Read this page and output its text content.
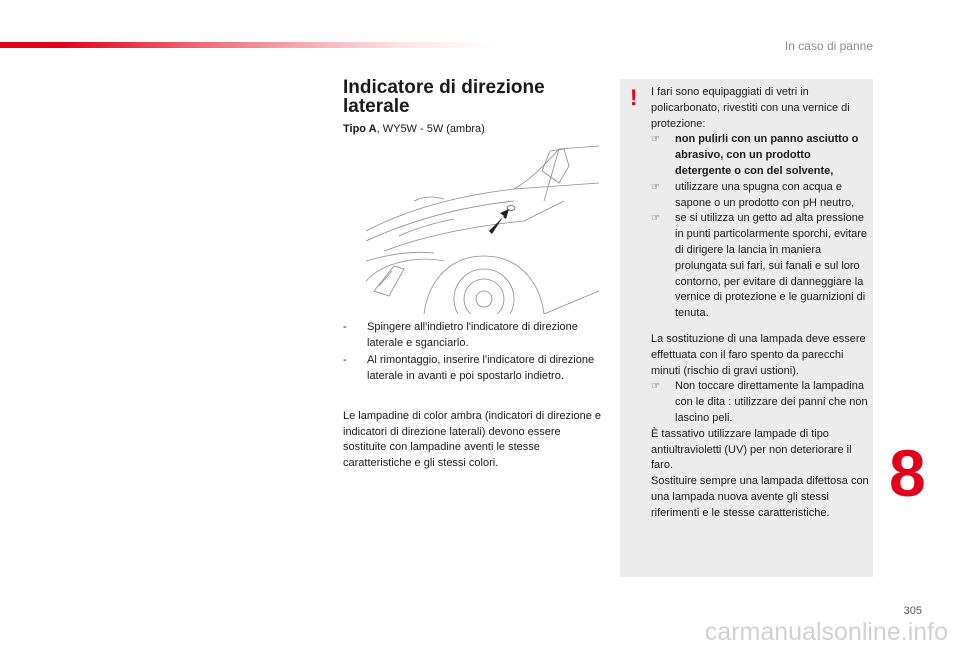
In caso di panne
Indicatore di direzione laterale
Tipo A, WY5W - 5W (ambra)
- Spingere all'indietro l'indicatore di direzione laterale e sganciarlo.
- Al rimontaggio, inserire l'indicatore di direzione laterale in avanti e poi spostarlo indietro.
Le lampadine di color ambra (indicatori di direzione e indicatori di direzione laterali) devono essere sostituite con lampadine aventi le stesse caratteristiche e gli stessi colori.
! I fari sono equipaggiati di vetri in policarbonato, rivestiti con una vernice di protezione:

☞ non pulirli con un panno asciutto o abrasivo, con un prodotto detergente o con del solvente,
☞ utilizzare una spugna con acqua e sapone o un prodotto con pH neutro,
☞ se si utilizza un getto ad alta pressione in punti particolarmente sporchi, evitare di dirigere la lancia in maniera prolungata sui fari, sui fanali e sul loro contorno, per evitare di danneggiare la vernice di protezione e le guarnizioni di tenuta.

La sostituzione di una lampada deve essere effettuata con il faro spento da parecchi minuti (rischio di gravi ustioni).

☞ Non toccare direttamente la lampadina con le dita : utilizzare dei panni che non lascino peli.

È tassativo utilizzare lampade di tipo antiultravioletti (UV) per non deteriorare il faro.

Sostituire sempre una lampada difettosa con una lampada nuova avente gli stessi riferimenti e le stesse caratteristiche.

8
305
carmanualsonline.info
